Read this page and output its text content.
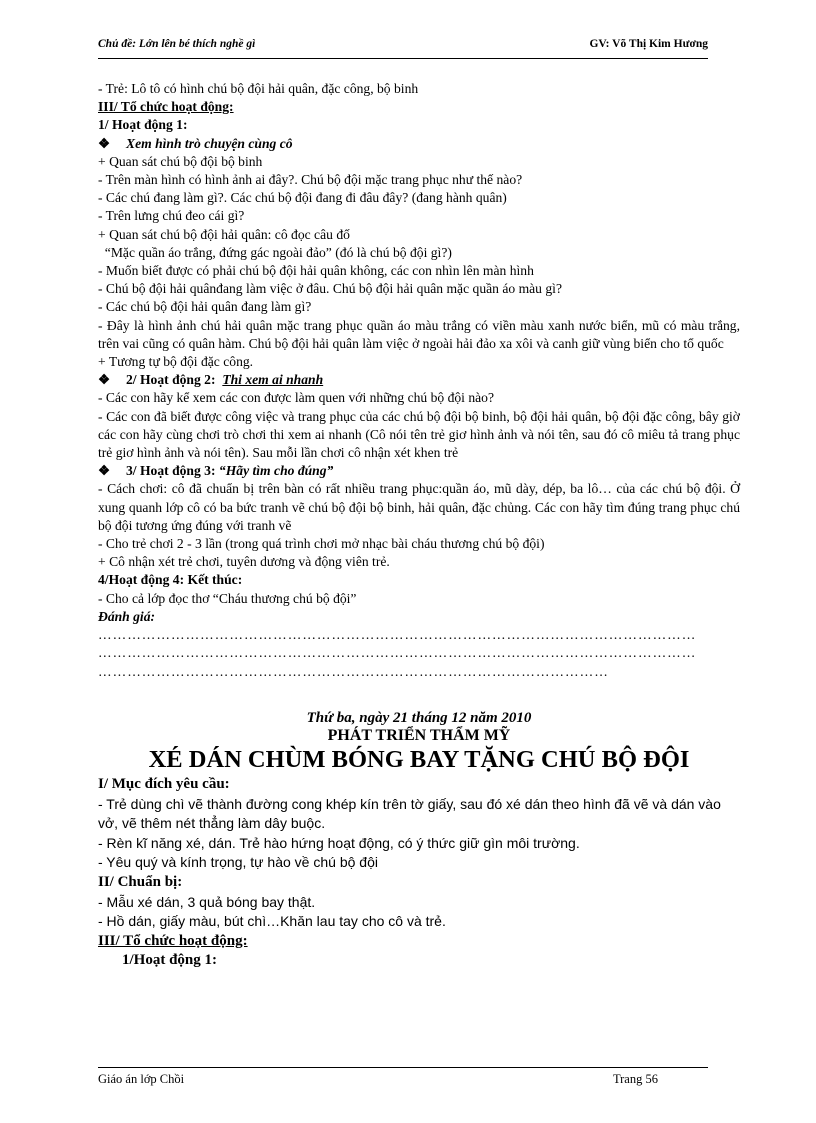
Chủ đề: Lớn lên bé thích nghề gì	GV: Võ Thị Kim Hương

- Trẻ: Lô tô có hình chú bộ đội hải quân, đặc công, bộ binh

III/ Tổ chức hoạt động:

1/ Hoạt động 1:

❖ Xem hình trò chuyện cùng cô

+ Quan sát chú bộ đội bộ binh

- Trên màn hình có hình ảnh ai đây?. Chú bộ đội mặc trang phục như thế nào?

- Các chú đang làm gì?. Các chú bộ đội đang đi đâu đây? (đang hành quân)

- Trên lưng chú đeo cái gì?

+ Quan sát chú bộ đội hải quân: cô đọc câu đố

“Mặc quần áo trắng, đứng gác ngoài đảo” (đó là chú bộ đội gì?)

- Muốn biết được có phải chú bộ đội hải quân không, các con nhìn lên màn hình

- Chú bộ đội hải quânđang làm việc ở đâu. Chú bộ đội hải quân mặc quần áo màu gì?

- Các chú bộ đội hải quân đang làm gì?

- Đây là hình ảnh chú hải quân mặc trang phục quần áo màu trắng có viền màu xanh nước biển, mũ có màu trắng, trên vai cũng có quân hàm. Chú bộ đội hải quân làm việc ở ngoài hải đảo xa xôi và canh giữ vùng biển cho tổ quốc

+ Tương tự bộ đội đặc công.

❖ 2/ Hoạt động 2: Thi xem ai nhanh

- Các con hãy kể xem các con được làm quen với những chú bộ đội nào?

- Các con đã biết được công việc và trang phục của các chú bộ đội bộ binh, bộ đội hải quân, bộ đội đặc công, bây giờ các con hãy cùng chơi trò chơi thi xem ai nhanh (Cô nói tên trẻ giơ hình ảnh và nói tên, sau đó cô miêu tả trang phục trẻ giơ hình ảnh và nói tên). Sau mỗi lần chơi cô nhận xét khen trẻ

❖ 3/ Hoạt động 3: “Hãy tìm cho đúng”

- Cách chơi: cô đã chuẩn bị trên bàn có rất nhiều trang phục:quần áo, mũ dày, dép, ba lô… của các chú bộ đội. Ở xung quanh lớp cô có ba bức tranh vẽ chú bộ đội bộ binh, hải quân, đặc chủng. Các con hãy tìm đúng trang phục chú bộ đội tương ứng đúng với tranh vẽ

- Cho trẻ chơi 2 - 3 lần (trong quá trình chơi mở nhạc bài cháu thương chú bộ đội)

+ Cô nhận xét trẻ chơi, tuyên dương và động viên trẻ.

4/Hoạt động 4: Kết thúc:

- Cho cả lớp đọc thơ “Cháu thương chú bộ đội”

Đánh giá:

……………………………………………………………………………………………………………

……………………………………………………………………………………………………………

……………………………………………………………………………………………

Thứ ba, ngày 21 tháng 12 năm 2010

PHÁT TRIỂN THẨM MỸ

XÉ DÁN CHÙM BÓNG BAY TẶNG CHÚ BỘ ĐỘI

I/ Mục đích yêu cầu:

- Trẻ dùng chì vẽ thành đường cong khép kín trên tờ giấy, sau đó xé dán theo hình đã vẽ và dán vào vở, vẽ thêm nét thẳng làm dây buộc.

- Rèn kĩ năng xé, dán. Trẻ hào hứng hoạt động, có ý thức giữ gìn môi trường.

- Yêu quý và kính trọng, tự hào về chú bộ đội

II/ Chuẩn bị:

- Mẫu xé dán, 3 quả bóng bay thật.

- Hồ dán, giấy màu, bút chì…Khăn lau tay cho cô và trẻ.

III/ Tổ chức hoạt động:

1/Hoạt động 1:

Giáo án lớp Chồi	Trang 56
